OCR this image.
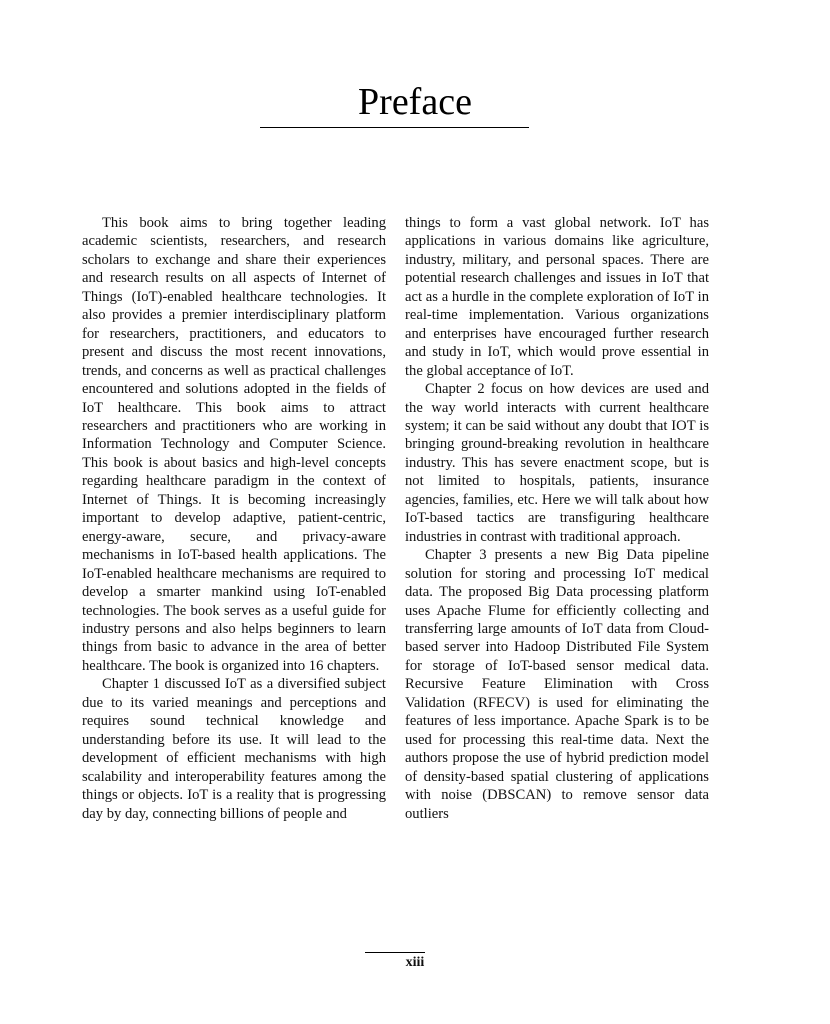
Preface

This book aims to bring together leading academic scientists, researchers, and research scholars to exchange and share their experiences and research results on all aspects of Internet of Things (IoT)-enabled healthcare technologies. It also provides a premier interdisciplinary platform for researchers, practitioners, and educators to present and discuss the most recent innovations, trends, and concerns as well as practical challenges encountered and solutions adopted in the fields of IoT healthcare. This book aims to attract researchers and practitioners who are working in Information Technology and Computer Science. This book is about basics and high-level concepts regarding healthcare paradigm in the context of Internet of Things. It is becoming increasingly important to develop adaptive, patient-centric, energy-aware, secure, and privacy-aware mechanisms in IoT-based health applications. The IoT-enabled healthcare mechanisms are required to develop a smarter mankind using IoT-enabled technologies. The book serves as a useful guide for industry persons and also helps beginners to learn things from basic to advance in the area of better healthcare. The book is organized into 16 chapters.

Chapter 1 discussed IoT as a diversified subject due to its varied meanings and perceptions and requires sound technical knowledge and understanding before its use. It will lead to the development of efficient mechanisms with high scalability and interoperability features among the things or objects. IoT is a reality that is progressing day by day, connecting billions of people and

things to form a vast global network. IoT has applications in various domains like agriculture, industry, military, and personal spaces. There are potential research challenges and issues in IoT that act as a hurdle in the complete exploration of IoT in real-time implementation. Various organizations and enterprises have encouraged further research and study in IoT, which would prove essential in the global acceptance of IoT.

Chapter 2 focus on how devices are used and the way world interacts with current healthcare system; it can be said without any doubt that IOT is bringing ground-breaking revolution in healthcare industry. This has severe enactment scope, but is not limited to hospitals, patients, insurance agencies, families, etc. Here we will talk about how IoT-based tactics are transfiguring healthcare industries in contrast with traditional approach.

Chapter 3 presents a new Big Data pipeline solution for storing and processing IoT medical data. The proposed Big Data processing platform uses Apache Flume for efficiently collecting and transferring large amounts of IoT data from Cloud-based server into Hadoop Distributed File System for storage of IoT-based sensor medical data. Recursive Feature Elimination with Cross Validation (RFECV) is used for eliminating the features of less importance. Apache Spark is to be used for processing this real-time data. Next the authors propose the use of hybrid prediction model of density-based spatial clustering of applications with noise (DBSCAN) to remove sensor data outliers

xiii
